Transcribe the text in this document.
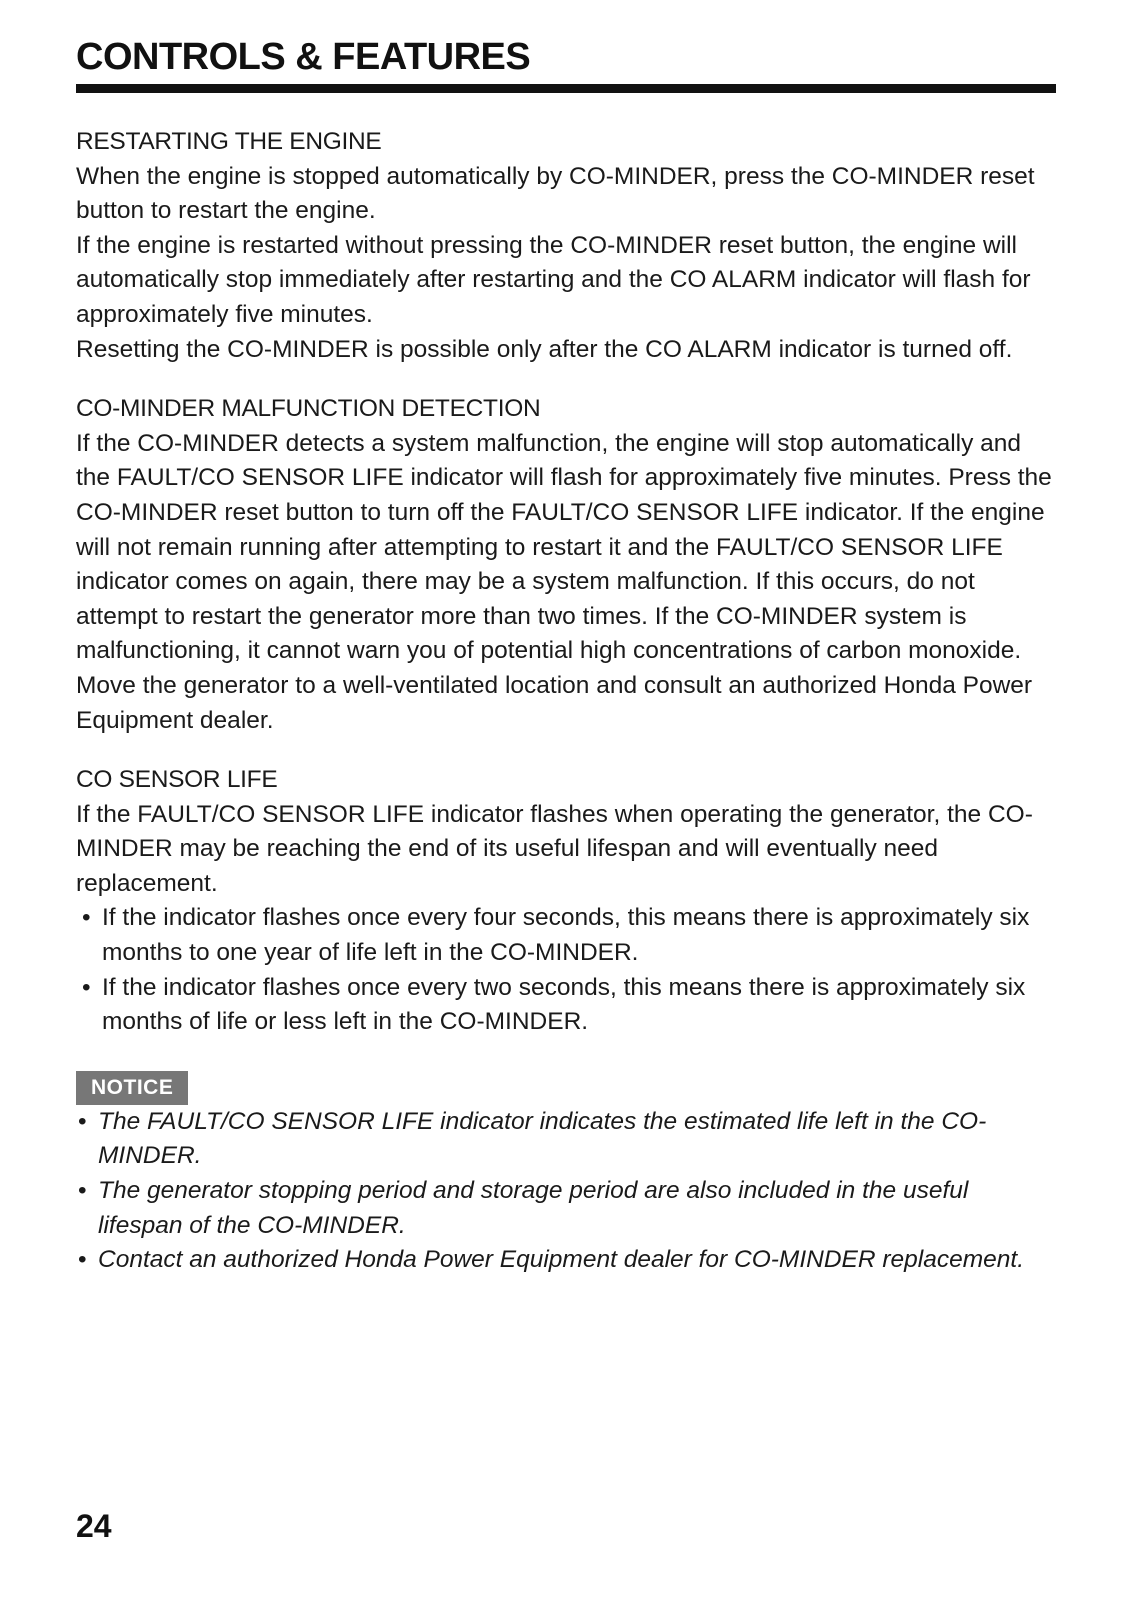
CONTROLS & FEATURES

RESTARTING THE ENGINE

When the engine is stopped automatically by CO-MINDER, press the CO-MINDER reset button to restart the engine.

If the engine is restarted without pressing the CO-MINDER reset button, the engine will automatically stop immediately after restarting and the CO ALARM indicator will flash for approximately five minutes.

Resetting the CO-MINDER is possible only after the CO ALARM indicator is turned off.

CO-MINDER MALFUNCTION DETECTION

If the CO-MINDER detects a system malfunction, the engine will stop automatically and the FAULT/CO SENSOR LIFE indicator will flash for approximately five minutes. Press the CO-MINDER reset button to turn off the FAULT/CO SENSOR LIFE indicator. If the engine will not remain running after attempting to restart it and the FAULT/CO SENSOR LIFE indicator comes on again, there may be a system malfunction. If this occurs, do not attempt to restart the generator more than two times. If the CO-MINDER system is malfunctioning, it cannot warn you of potential high concentrations of carbon monoxide. Move the generator to a well-ventilated location and consult an authorized Honda Power Equipment dealer.

CO SENSOR LIFE

If the FAULT/CO SENSOR LIFE indicator flashes when operating the generator, the CO-MINDER may be reaching the end of its useful lifespan and will eventually need replacement.

• If the indicator flashes once every four seconds, this means there is approximately six months to one year of life left in the CO-MINDER.
• If the indicator flashes once every two seconds, this means there is approximately six months of life or less left in the CO-MINDER.
NOTICE
• The FAULT/CO SENSOR LIFE indicator indicates the estimated life left in the CO-MINDER.
• The generator stopping period and storage period are also included in the useful lifespan of the CO-MINDER.
• Contact an authorized Honda Power Equipment dealer for CO-MINDER replacement.
24
